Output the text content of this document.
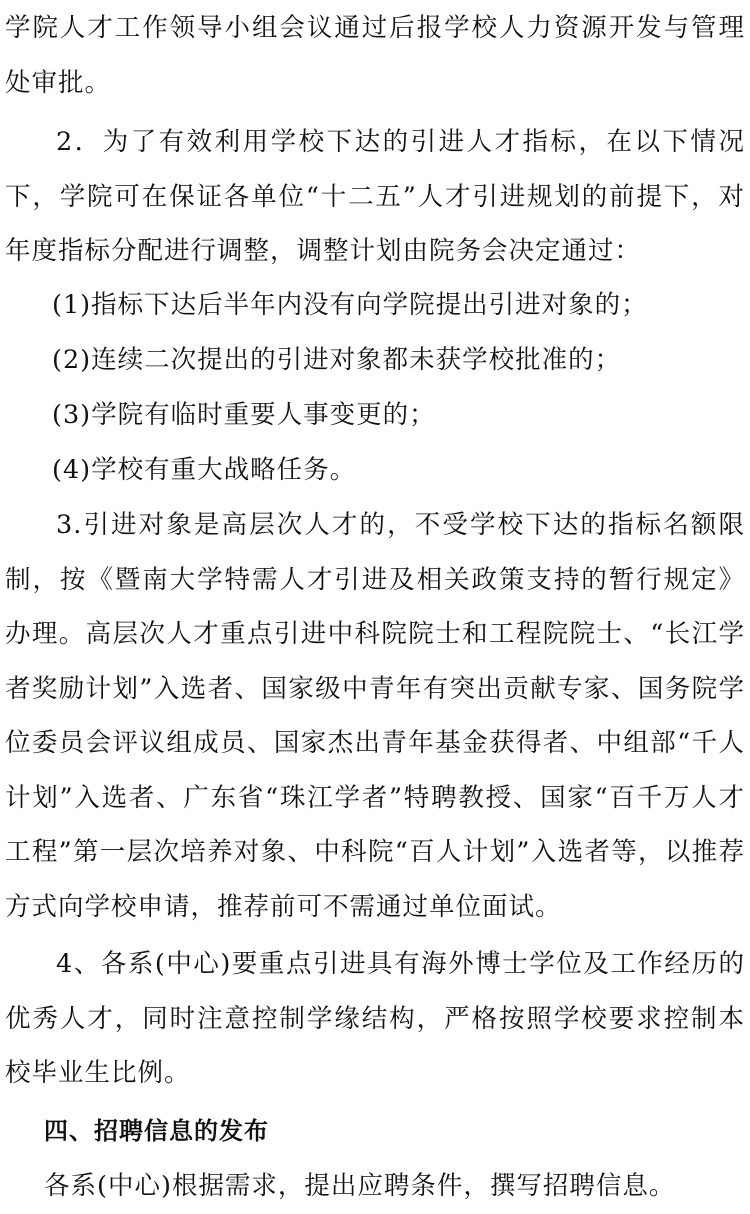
学院人才工作领导小组会议通过后报学校人力资源开发与管理处审批。

2．为了有效利用学校下达的引进人才指标，在以下情况下，学院可在保证各单位“十二五”人才引进规划的前提下，对年度指标分配进行调整，调整计划由院务会决定通过：

(1)指标下达后半年内没有向学院提出引进对象的；

(2)连续二次提出的引进对象都未获学校批准的；

(3)学院有临时重要人事变更的；

(4)学校有重大战略任务。

3.引进对象是高层次人才的，不受学校下达的指标名额限制，按《暨南大学特需人才引进及相关政策支持的暂行规定》办理。高层次人才重点引进中科院院士和工程院院士、“长江学者奖励计划”入选者、国家级中青年有突出贡献专家、国务院学位委员会评议组成员、国家杰出青年基金获得者、中组部“千人计划”入选者、广东省“珠江学者”特聘教授、国家“百千万人才工程”第一层次培养对象、中科院“百人计划”入选者等，以推荐方式向学校申请，推荐前可不需通过单位面试。

4、各系(中心)要重点引进具有海外博士学位及工作经历的优秀人才，同时注意控制学缘结构，严格按照学校要求控制本校毕业生比例。

四、招聘信息的发布

各系(中心)根据需求，提出应聘条件，撰写招聘信息。
